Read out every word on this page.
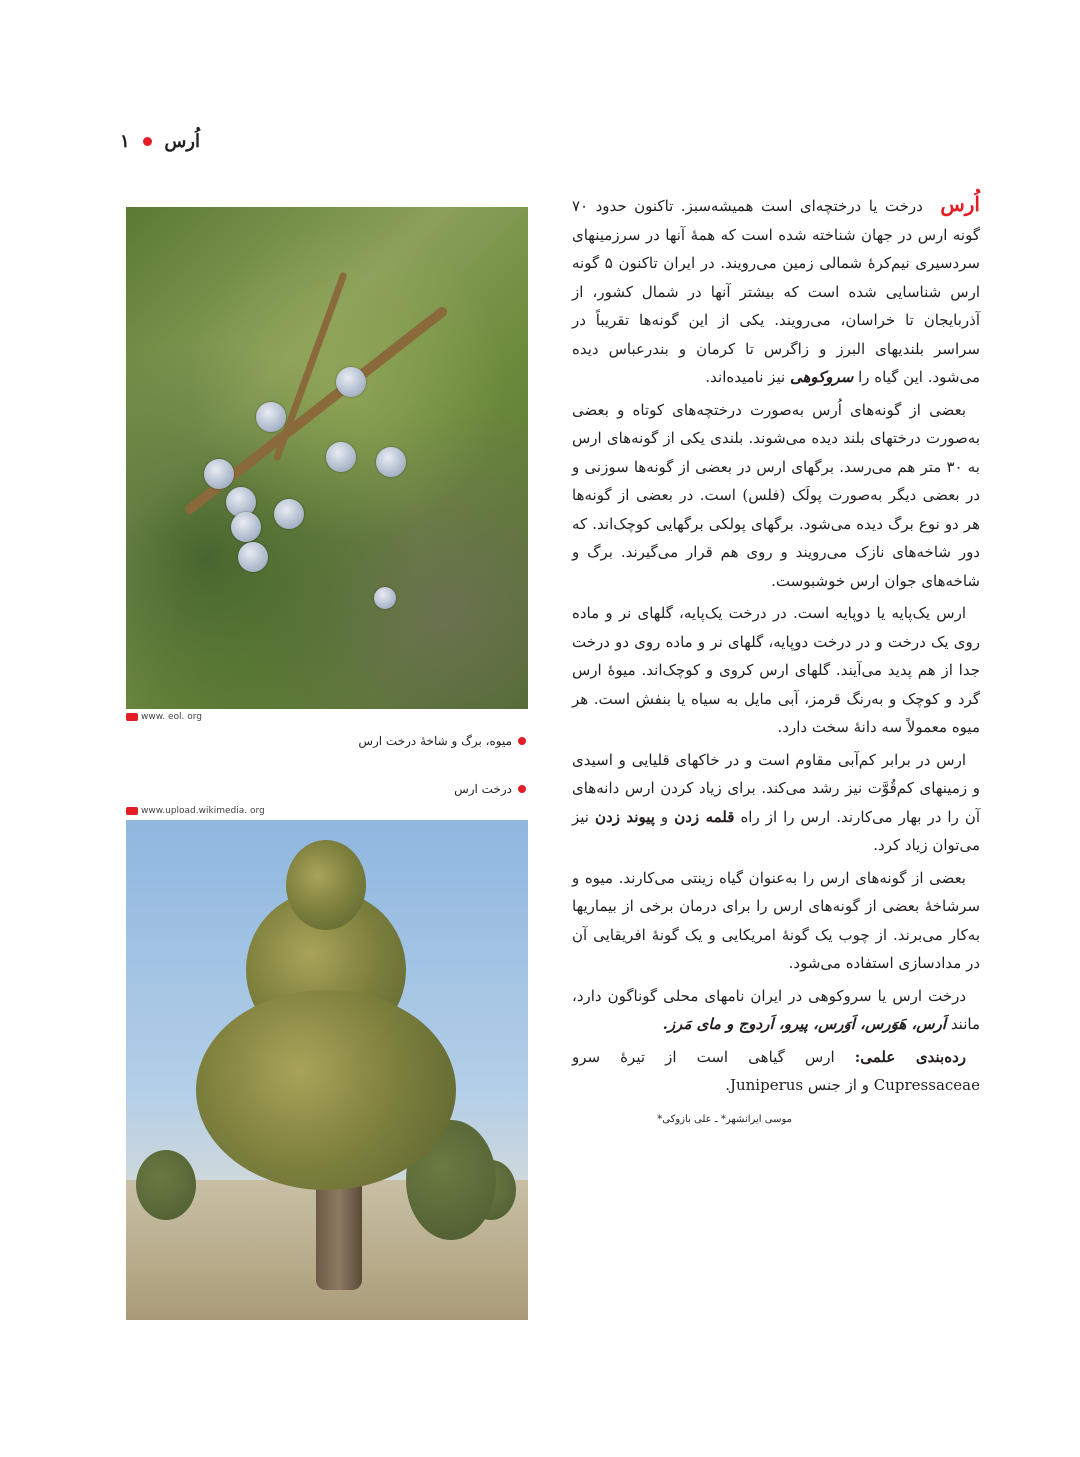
اُرس
۱
www. eol. org
میوه، برگ و شاخهٔ درخت ارس
درخت ارس
www.upload.wikimedia. org

اُرس درخت یا درختچه‌ای است همیشه‌سبز. تاکنون حدود ۷۰ گونه ارس در جهان شناخته شده است که همهٔ آنها در سرزمینهای سردسیری نیم‌کرهٔ شمالی زمین می‌رویند. در ایران تاکنون ۵ گونه ارس شناسایی شده است که بیشتر آنها در شمال کشور، از آذربایجان تا خراسان، می‌رویند. یکی از این گونه‌ها تقریباً در سراسر بلندیهای البرز و زاگرس تا کرمان و بندرعباس دیده می‌شود. این گیاه را سروکوهی نیز نامیده‌اند.

بعضی از گونه‌های اُرس به‌صورت درختچه‌های کوتاه و بعضی به‌صورت درختهای بلند دیده می‌شوند. بلندی یکی از گونه‌های ارس به ۳۰ متر هم می‌رسد. برگهای ارس در بعضی از گونه‌ها سوزنی و در بعضی دیگر به‌صورت پولَک (فلس) است. در بعضی از گونه‌ها هر دو نوع برگ دیده می‌شود. برگهای پولکی برگهایی کوچک‌اند. که دور شاخه‌های نازک می‌رویند و روی هم قرار می‌گیرند. برگ و شاخه‌های جوان ارس خوشبوست.

ارس یک‌پایه یا دوپایه است. در درخت یک‌پایه، گلهای نر و ماده روی یک درخت و در درخت دوپایه، گلهای نر و ماده روی دو درخت جدا از هم پدید می‌آیند. گلهای ارس کروی و کوچک‌اند. میوهٔ ارس گرد و کوچک و به‌رنگ قرمز، آبی مایل به سیاه یا بنفش است. هر میوه معمولاً سه دانهٔ سخت دارد.

ارس در برابر کم‌آبی مقاوم است و در خاکهای قلیایی و اسیدی و زمینهای کم‌قُوَّت نیز رشد می‌کند. برای زیاد کردن ارس دانه‌های آن را در بهار می‌کارند. ارس را از راه قلمه زدن و پیوند زدن نیز می‌توان زیاد کرد.

بعضی از گونه‌های ارس را به‌عنوان گیاه زینتی می‌کارند. میوه و سرشاخهٔ بعضی از گونه‌های ارس را برای درمان برخی از بیماریها به‌کار می‌برند. از چوب یک گونهٔ امریکایی و یک گونهٔ افریقایی آن در مدادسازی استفاده می‌شود.

درخت ارس یا سروکوهی در ایران نامهای محلی گوناگون دارد، مانند اَرس، هَوَرس، اَوَرس، پیرو، اَردوج و مای مَرز.

رده‌بندی علمی: ارس گیاهی است از تیرهٔ سرو Cupressaceae و از جنس Juniperus.

موسی ایرانشهر* ـ علی بازوکی*
